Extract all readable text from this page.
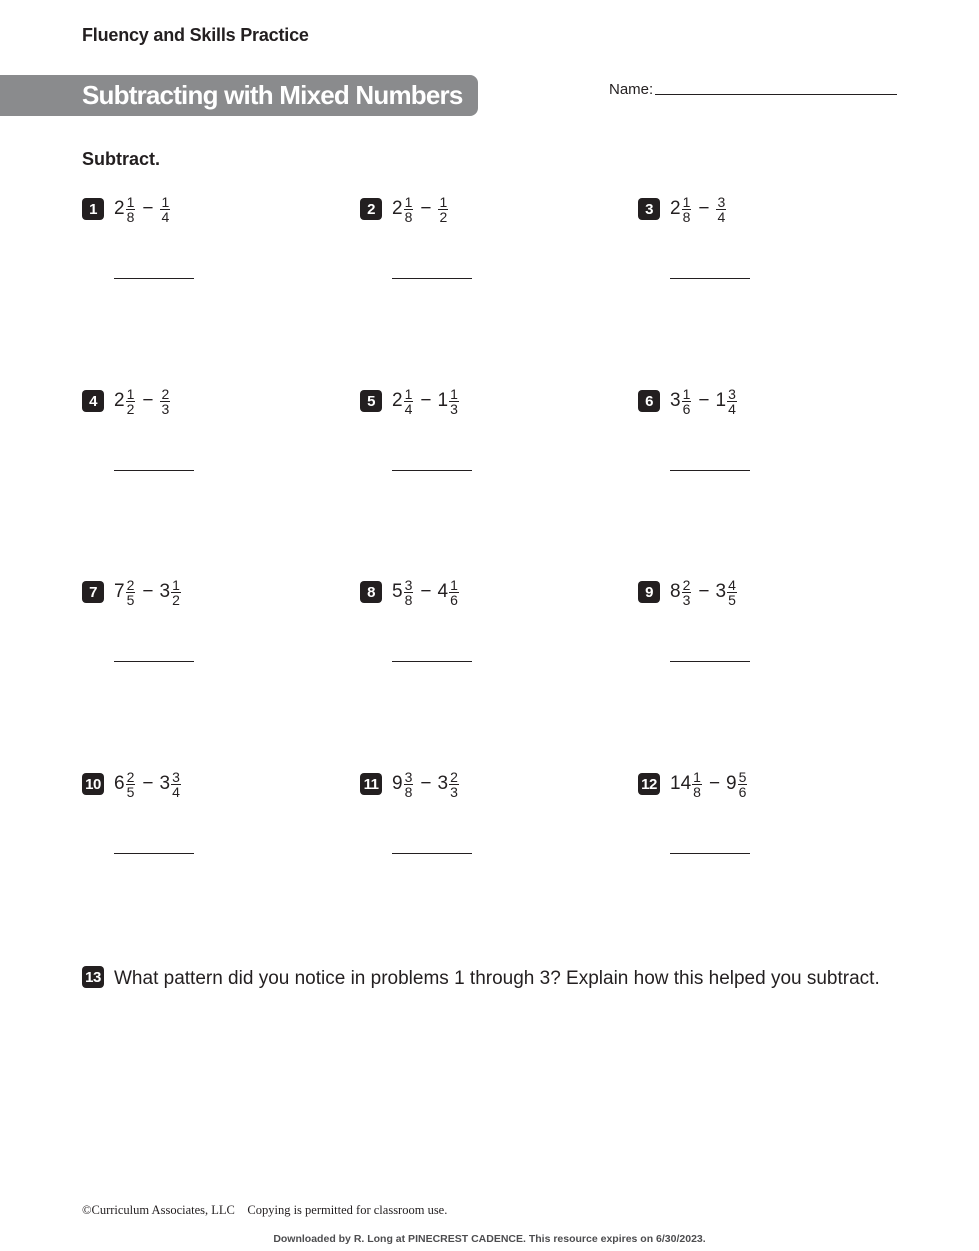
Fluency and Skills Practice
Subtracting with Mixed Numbers	Name:
Subtract.
1 $2 \frac{1}{8} - \frac{1}{4}$	2 $2 \frac{1}{8} - \frac{1}{2}$	3 $2 \frac{1}{8} - \frac{3}{4}$
4 $2 \frac{1}{2} - \frac{2}{3}$	5 $2 \frac{1}{4} - 1 \frac{1}{3}$	6 $3 \frac{1}{6} - 1 \frac{3}{4}$
7 $7 \frac{2}{5} - 3 \frac{1}{2}$	8 $5 \frac{3}{8} - 4 \frac{1}{6}$	9 $8 \frac{2}{3} - 3 \frac{4}{5}$
10 $6 \frac{2}{5} - 3 \frac{3}{4}$	11 $9 \frac{3}{8} - 3 \frac{2}{3}$	12 $14 \frac{1}{8} - 9 \frac{5}{6}$
13 What pattern did you notice in problems 1 through 3? Explain how this helped you subtract.
©Curriculum Associates, LLC    Copying is permitted for classroom use.
Downloaded by R. Long at PINECREST CADENCE. This resource expires on 6/30/2023.
